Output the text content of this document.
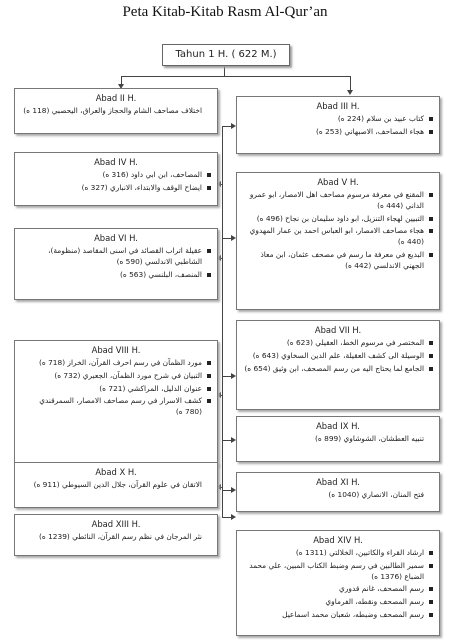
Peta Kitab-Kitab Rasm Al-Qur’an
Tahun 1 H. ( 622 M.)
Abad II H.
اختلاف مصاحف الشام والحجاز والعراق، اليحصبي (118 ه)
Abad IV H.
المصاحف، ابن ابي داود (316 ه)
ايضاح الوقف والابتداء، الانباري (327 ه)
Abad VI H.
عقيلة اتراب القصائد في اسنى المقاصد (منظومة)، الشاطبي الاندلسي (590 ه)
المنصف، البلنسي (563 ه)
Abad VIII H.
مورد الظمآن في رسم احرف القرآن، الخراز (718 ه)
التبيان في شرح مورد الظمآن، الجعبري (732 ه)
عنوان الدليل، المراكشي (721 ه)
كشف الاسرار في رسم مصاحف الامصار، السمرقندي (780 ه)
Abad X H.
الاتقان في علوم القرآن، جلال الدين السيوطي (911 ه)
Abad XIII H.
نثر المرجان في نظم رسم القرآن، النائطي (1239 ه)
Abad III H.
كتاب عبيد بن سلام (224 ه)
هجاء المصاحف، الاصبهاني (253 ه)
Abad V H.
المقنع في معرفة مرسوم مصاحف اهل الامصار، ابو عمرو الداني (444 ه)
التبيين لهجاء التنزيل، ابو داود سليمان بن نجاح (496 ه)
هجاء مصاحف الامصار، ابو العباس احمد بن عمار المهدوي (440 ه)
البديع في معرفة ما رسم في مصحف عثمان، ابن معاذ الجهني الاندلسي (442 ه)
Abad VII H.
المختصر في مرسوم الخط، العقيلي (623 ه)
الوسيلة الى كشف العقيلة، علم الدين السخاوي (643 ه)
الجامع لما يحتاج اليه من رسم المصحف، ابن وثيق (654 ه)
Abad IX H.
تنبيه العطشان، الشوشاوي (899 ه)
Abad XI H.
فتح المنان، الانصاري (1040 ه)
Abad XIV H.
ارشاد القراء والكاتبين، الخلالتي (1311 ه)
سمير الطالبين في رسم وضبط الكتاب المبين، علي محمد الضباع (1376 ه)
رسم المصحف، غانم قدوري
رسم المصحف ونقطه، الفرماوي
رسم المصحف وضبطه، شعبان محمد اسماعيل
